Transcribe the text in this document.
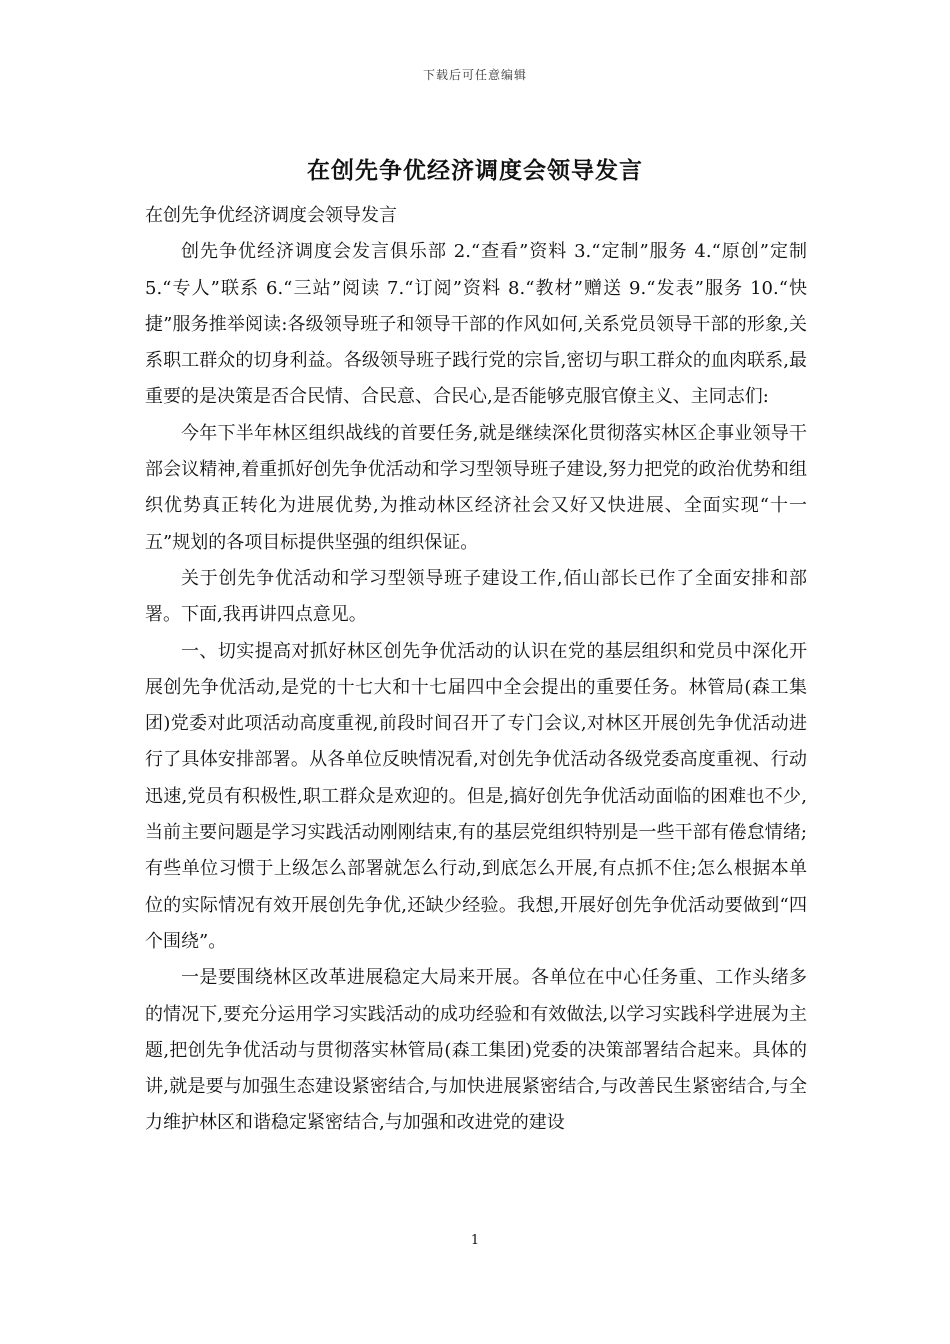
下载后可任意编辑
在创先争优经济调度会领导发言

在创先争优经济调度会领导发言

创先争优经济调度会发言俱乐部 2.“查看”资料 3.“定制”服务 4.“原创”定制 5.“专人”联系 6.“三站”阅读 7.“订阅”资料 8.“教材”赠送 9.“发表”服务 10.“快捷”服务推举阅读:各级领导班子和领导干部的作风如何,关系党员领导干部的形象,关系职工群众的切身利益。各级领导班子践行党的宗旨,密切与职工群众的血肉联系,最重要的是决策是否合民情、合民意、合民心,是否能够克服官僚主义、主同志们:

今年下半年林区组织战线的首要任务,就是继续深化贯彻落实林区企事业领导干部会议精神,着重抓好创先争优活动和学习型领导班子建设,努力把党的政治优势和组织优势真正转化为进展优势,为推动林区经济社会又好又快进展、全面实现“十一五”规划的各项目标提供坚强的组织保证。

关于创先争优活动和学习型领导班子建设工作,佰山部长已作了全面安排和部署。下面,我再讲四点意见。

一、切实提高对抓好林区创先争优活动的认识在党的基层组织和党员中深化开展创先争优活动,是党的十七大和十七届四中全会提出的重要任务。林管局(森工集团)党委对此项活动高度重视,前段时间召开了专门会议,对林区开展创先争优活动进行了具体安排部署。从各单位反映情况看,对创先争优活动各级党委高度重视、行动迅速,党员有积极性,职工群众是欢迎的。但是,搞好创先争优活动面临的困难也不少,当前主要问题是学习实践活动刚刚结束,有的基层党组织特别是一些干部有倦怠情绪;有些单位习惯于上级怎么部署就怎么行动,到底怎么开展,有点抓不住;怎么根据本单位的实际情况有效开展创先争优,还缺少经验。我想,开展好创先争优活动要做到“四个围绕”。

一是要围绕林区改革进展稳定大局来开展。各单位在中心任务重、工作头绪多的情况下,要充分运用学习实践活动的成功经验和有效做法,以学习实践科学进展为主题,把创先争优活动与贯彻落实林管局(森工集团)党委的决策部署结合起来。具体的讲,就是要与加强生态建设紧密结合,与加快进展紧密结合,与改善民生紧密结合,与全力维护林区和谐稳定紧密结合,与加强和改进党的建设

1
